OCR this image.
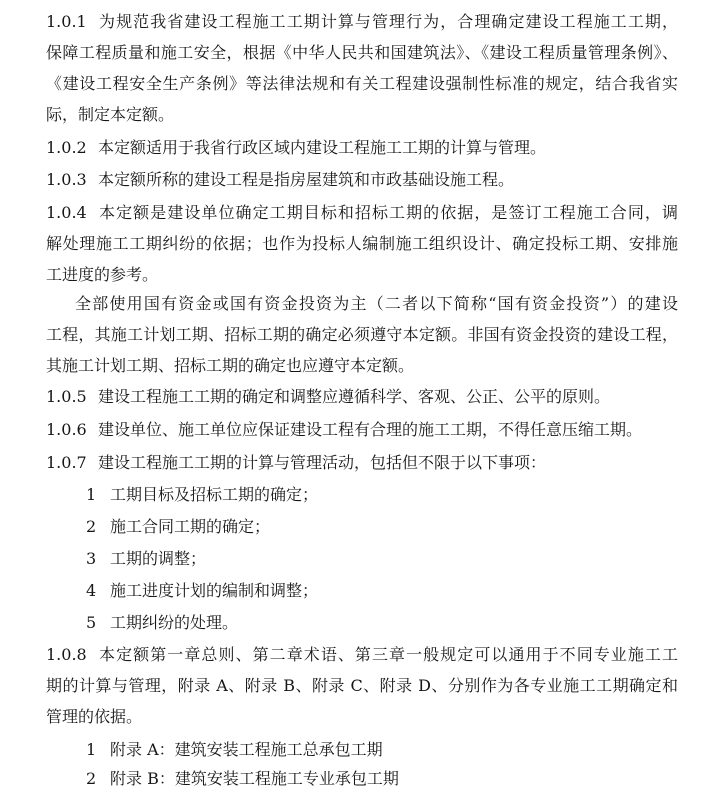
1.0.1 为规范我省建设工程施工工期计算与管理行为，合理确定建设工程施工工期，
保障工程质量和施工安全，根据《中华人民共和国建筑法》、《建设工程质量管理条例》、
《建设工程安全生产条例》等法律法规和有关工程建设强制性标准的规定，结合我省实
际，制定本定额。
1.0.2 本定额适用于我省行政区域内建设工程施工工期的计算与管理。
1.0.3 本定额所称的建设工程是指房屋建筑和市政基础设施工程。
1.0.4 本定额是建设单位确定工期目标和招标工期的依据，是签订工程施工合同，调
解处理施工工期纠纷的依据；也作为投标人编制施工组织设计、确定投标工期、安排施
工进度的参考。
全部使用国有资金或国有资金投资为主（二者以下简称“国有资金投资”）的建设
工程，其施工计划工期、招标工期的确定必须遵守本定额。非国有资金投资的建设工程，
其施工计划工期、招标工期的确定也应遵守本定额。
1.0.5 建设工程施工工期的确定和调整应遵循科学、客观、公正、公平的原则。
1.0.6 建设单位、施工单位应保证建设工程有合理的施工工期，不得任意压缩工期。
1.0.7 建设工程施工工期的计算与管理活动，包括但不限于以下事项：
1 工期目标及招标工期的确定；
2 施工合同工期的确定；
3 工期的调整；
4 施工进度计划的编制和调整；
5 工期纠纷的处理。
1.0.8 本定额第一章总则、第二章术语、第三章一般规定可以通用于不同专业施工工
期的计算与管理，附录 A、附录 B、附录 C、附录 D、分别作为各专业施工工期确定和
管理的依据。
1 附录 A：建筑安装工程施工总承包工期
2 附录 B：建筑安装工程施工专业承包工期
